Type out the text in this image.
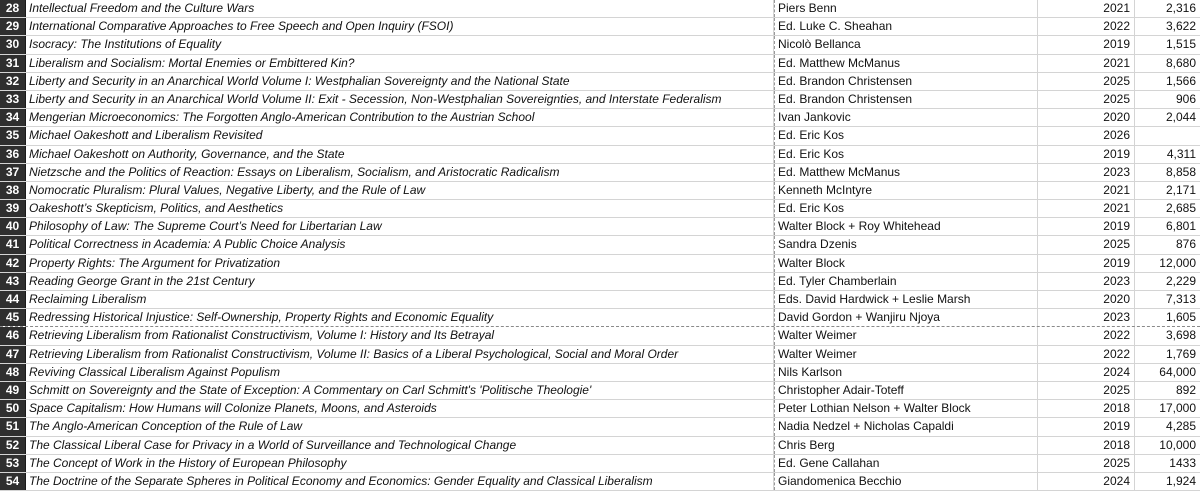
28 Intellectual Freedom and the Culture Wars	Piers Benn	2021	2,316
29 International Comparative Approaches to Free Speech and Open Inquiry (FSOI)	Ed. Luke C. Sheahan	2022	3,622
30 Isocracy: The Institutions of Equality	Nicolò Bellanca	2019	1,515
31 Liberalism and Socialism: Mortal Enemies or Embittered Kin?	Ed. Matthew McManus	2021	8,680
32 Liberty and Security in an Anarchical World Volume I: Westphalian Sovereignty and the National State	Ed. Brandon Christensen	2025	1,566
33 Liberty and Security in an Anarchical World Volume II: Exit - Secession, Non-Westphalian Sovereignties, and Interstate Federalism	Ed. Brandon Christensen	2025	906
34 Mengerian Microeconomics: The Forgotten Anglo-American Contribution to the Austrian School	Ivan Jankovic	2020	2,044
35 Michael Oakeshott and Liberalism Revisited	Ed. Eric Kos	2026
36 Michael Oakeshott on Authority, Governance, and the State	Ed. Eric Kos	2019	4,311
37 Nietzsche and the Politics of Reaction: Essays on Liberalism, Socialism, and Aristocratic Radicalism	Ed. Matthew McManus	2023	8,858
38 Nomocratic Pluralism: Plural Values, Negative Liberty, and the Rule of Law	Kenneth McIntyre	2021	2,171
39 Oakeshott’s Skepticism, Politics, and Aesthetics	Ed. Eric Kos	2021	2,685
40 Philosophy of Law: The Supreme Court’s Need for Libertarian Law	Walter Block + Roy Whitehead	2019	6,801
41 Political Correctness in Academia: A Public Choice Analysis	Sandra Dzenis	2025	876
42 Property Rights: The Argument for Privatization	Walter Block	2019	12,000
43 Reading George Grant in the 21st Century	Ed. Tyler Chamberlain	2023	2,229
44 Reclaiming Liberalism	Eds. David Hardwick + Leslie Marsh	2020	7,313
45 Redressing Historical Injustice: Self-Ownership, Property Rights and Economic Equality	David Gordon + Wanjiru Njoya	2023	1,605
46 Retrieving Liberalism from Rationalist Constructivism, Volume I: History and Its Betrayal	Walter Weimer	2022	3,698
47 Retrieving Liberalism from Rationalist Constructivism, Volume II: Basics of a Liberal Psychological, Social and Moral Order	Walter Weimer	2022	1,769
48 Reviving Classical Liberalism Against Populism	Nils Karlson	2024	64,000
49 Schmitt on Sovereignty and the State of Exception: A Commentary on Carl Schmitt's 'Politische Theologie'	Christopher Adair-Toteff	2025	892
50 Space Capitalism: How Humans will Colonize Planets, Moons, and Asteroids	Peter Lothian Nelson + Walter Block	2018	17,000
51 The Anglo-American Conception of the Rule of Law	Nadia Nedzel + Nicholas Capaldi	2019	4,285
52 The Classical Liberal Case for Privacy in a World of Surveillance and Technological Change	Chris Berg	2018	10,000
53 The Concept of Work in the History of European Philosophy	Ed. Gene Callahan	2025	1433
54 The Doctrine of the Separate Spheres in Political Economy and Economics: Gender Equality and Classical Liberalism	Giandomenica Becchio	2024	1,924
